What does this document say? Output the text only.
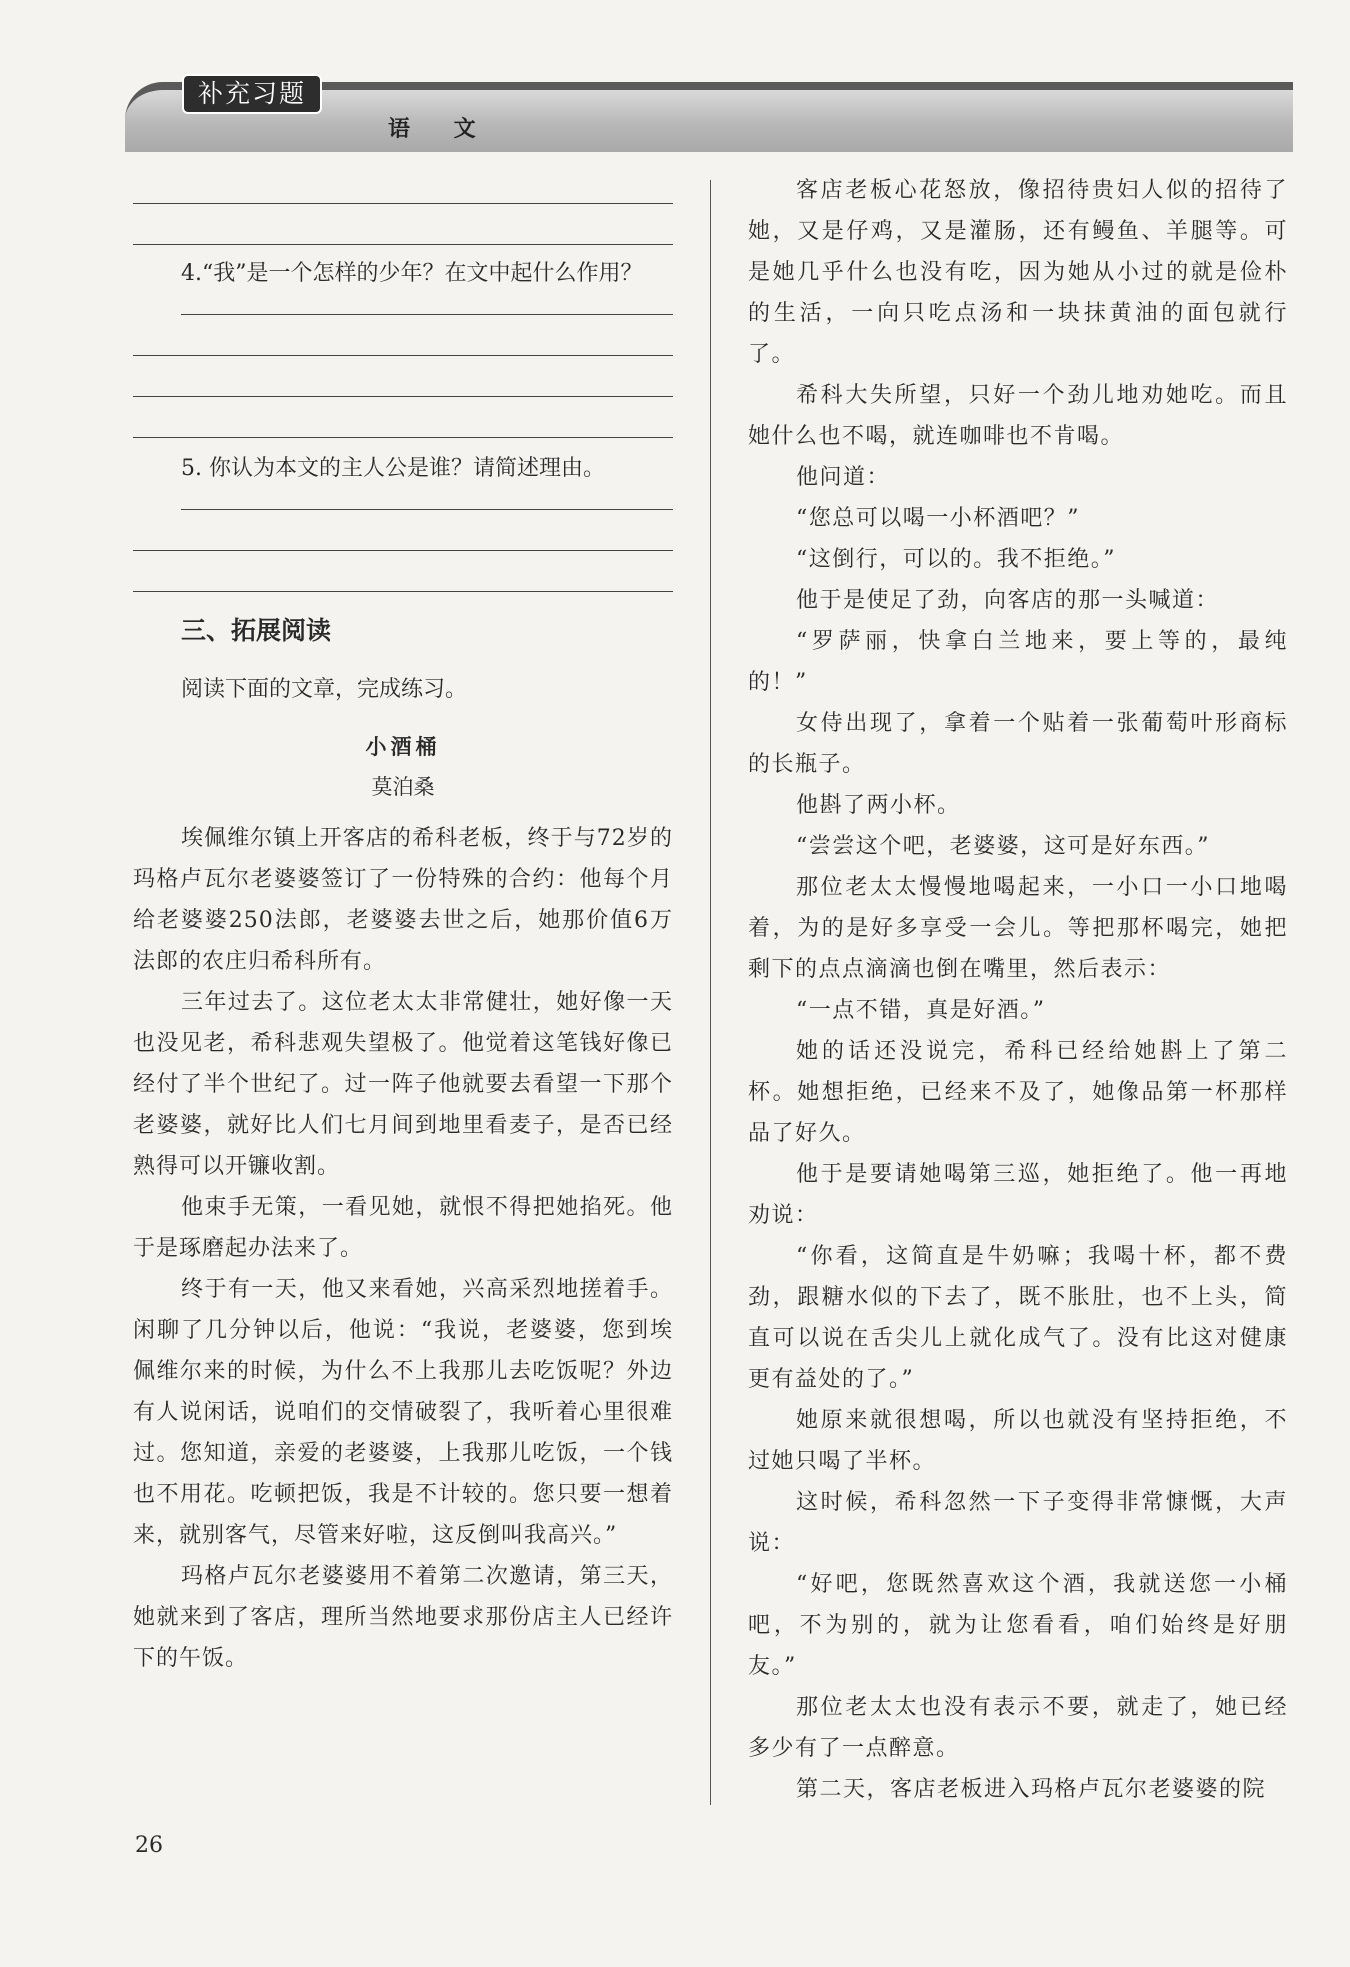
补充习题
语 文

4.“我”是一个怎样的少年？在文中起什么作用？

5. 你认为本文的主人公是谁？请简述理由。

三、拓展阅读

阅读下面的文章，完成练习。

小酒桶

莫泊桑

埃佩维尔镇上开客店的希科老板，终于与72岁的玛格卢瓦尔老婆婆签订了一份特殊的合约：他每个月给老婆婆250法郎，老婆婆去世之后，她那价值6万法郎的农庄归希科所有。

三年过去了。这位老太太非常健壮，她好像一天也没见老，希科悲观失望极了。他觉着这笔钱好像已经付了半个世纪了。过一阵子他就要去看望一下那个老婆婆，就好比人们七月间到地里看麦子，是否已经熟得可以开镰收割。

他束手无策，一看见她，就恨不得把她掐死。他于是琢磨起办法来了。

终于有一天，他又来看她，兴高采烈地搓着手。闲聊了几分钟以后，他说：“我说，老婆婆，您到埃佩维尔来的时候，为什么不上我那儿去吃饭呢？外边有人说闲话，说咱们的交情破裂了，我听着心里很难过。您知道，亲爱的老婆婆，上我那儿吃饭，一个钱也不用花。吃顿把饭，我是不计较的。您只要一想着来，就别客气，尽管来好啦，这反倒叫我高兴。”

玛格卢瓦尔老婆婆用不着第二次邀请，第三天，她就来到了客店，理所当然地要求那份店主人已经许下的午饭。

客店老板心花怒放，像招待贵妇人似的招待了她，又是仔鸡，又是灌肠，还有鳗鱼、羊腿等。可是她几乎什么也没有吃，因为她从小过的就是俭朴的生活，一向只吃点汤和一块抹黄油的面包就行了。

希科大失所望，只好一个劲儿地劝她吃。而且她什么也不喝，就连咖啡也不肯喝。

他问道：

“您总可以喝一小杯酒吧？”

“这倒行，可以的。我不拒绝。”

他于是使足了劲，向客店的那一头喊道：

“罗萨丽，快拿白兰地来，要上等的，最纯的！”

女侍出现了，拿着一个贴着一张葡萄叶形商标的长瓶子。

他斟了两小杯。

“尝尝这个吧，老婆婆，这可是好东西。”

那位老太太慢慢地喝起来，一小口一小口地喝着，为的是好多享受一会儿。等把那杯喝完，她把剩下的点点滴滴也倒在嘴里，然后表示：

“一点不错，真是好酒。”

她的话还没说完，希科已经给她斟上了第二杯。她想拒绝，已经来不及了，她像品第一杯那样品了好久。

他于是要请她喝第三巡，她拒绝了。他一再地劝说：

“你看，这简直是牛奶嘛；我喝十杯，都不费劲，跟糖水似的下去了，既不胀肚，也不上头，简直可以说在舌尖儿上就化成气了。没有比这对健康更有益处的了。”

她原来就很想喝，所以也就没有坚持拒绝，不过她只喝了半杯。

这时候，希科忽然一下子变得非常慷慨，大声说：

“好吧，您既然喜欢这个酒，我就送您一小桶吧，不为别的，就为让您看看，咱们始终是好朋友。”

那位老太太也没有表示不要，就走了，她已经多少有了一点醉意。

第二天，客店老板进入玛格卢瓦尔老婆婆的院

26
